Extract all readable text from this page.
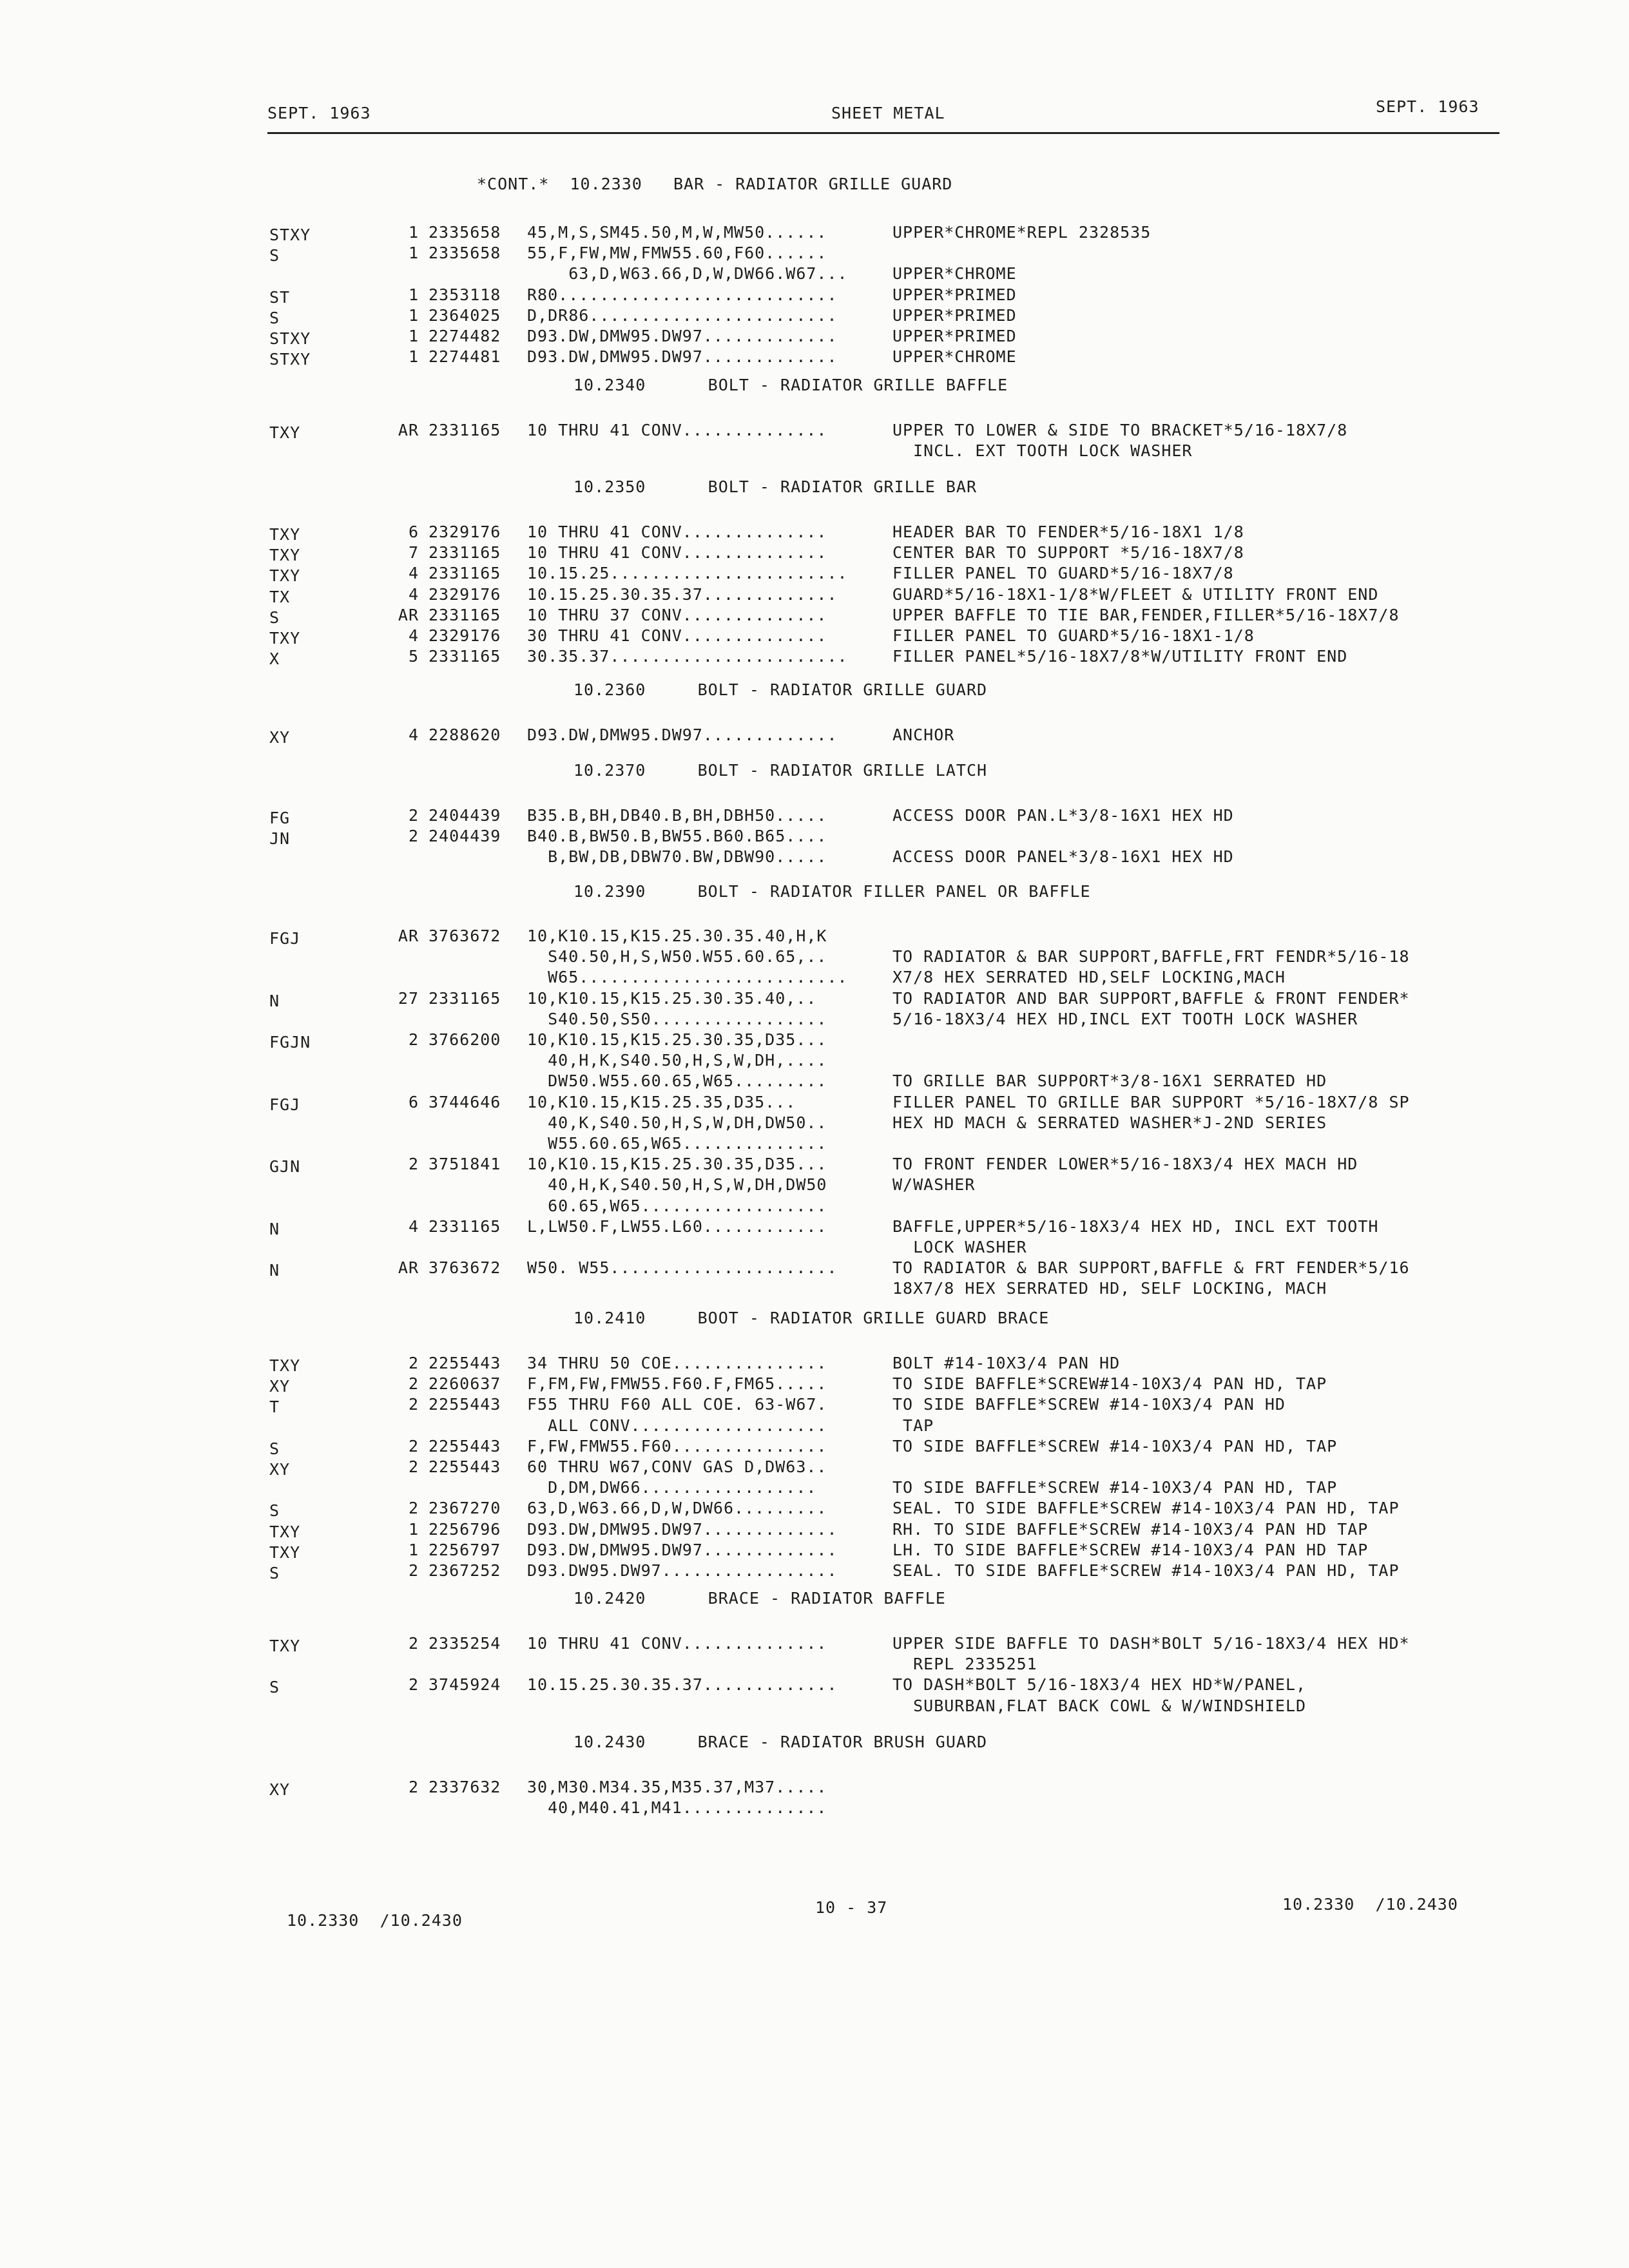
SEPT. 1963	SHEET METAL	SEPT. 1963
*CONT.*  10.2330   BAR - RADIATOR GRILLE GUARD
STXY	1 2335658 45,M,S,SM45.50,M,W,MW50......	UPPER*CHROME*REPL 2328535
S	1 2335658 55,F,FW,MW,FMW55.60,F60......
63,D,W63.66,D,W,DW66.W67...	UPPER*CHROME
ST	1 2353118 R80...........................	UPPER*PRIMED
S	1 2364025 D,DR86........................	UPPER*PRIMED
STXY	1 2274482 D93.DW,DMW95.DW97.............	UPPER*PRIMED
STXY	1 2274481 D93.DW,DMW95.DW97.............	UPPER*CHROME
10.2340      BOLT - RADIATOR GRILLE BAFFLE
TXY	AR 2331165 10 THRU 41 CONV..............	UPPER TO LOWER & SIDE TO BRACKET*5/16-18X7/8
INCL. EXT TOOTH LOCK WASHER
10.2350      BOLT - RADIATOR GRILLE BAR
TXY	6 2329176 10 THRU 41 CONV..............	HEADER BAR TO FENDER*5/16-18X1 1/8
TXY	7 2331165 10 THRU 41 CONV..............	CENTER BAR TO SUPPORT *5/16-18X7/8
TXY	4 2331165 10.15.25.......................	FILLER PANEL TO GUARD*5/16-18X7/8
TX	4 2329176 10.15.25.30.35.37.............	GUARD*5/16-18X1-1/8*W/FLEET & UTILITY FRONT END
S	AR 2331165 10 THRU 37 CONV..............	UPPER BAFFLE TO TIE BAR,FENDER,FILLER*5/16-18X7/8
TXY	4 2329176 30 THRU 41 CONV..............	FILLER PANEL TO GUARD*5/16-18X1-1/8
X	5 2331165 30.35.37.......................	FILLER PANEL*5/16-18X7/8*W/UTILITY FRONT END
10.2360     BOLT - RADIATOR GRILLE GUARD
XY	4 2288620 D93.DW,DMW95.DW97.............	ANCHOR
10.2370     BOLT - RADIATOR GRILLE LATCH
FG	2 2404439 B35.B,BH,DB40.B,BH,DBH50.....	ACCESS DOOR PAN.L*3/8-16X1 HEX HD
JN	2 2404439 B40.B,BW50.B,BW55.B60.B65....
B,BW,DB,DBW70.BW,DBW90.....	ACCESS DOOR PANEL*3/8-16X1 HEX HD
10.2390     BOLT - RADIATOR FILLER PANEL OR BAFFLE
FGJ	AR 3763672 10,K10.15,K15.25.30.35.40,H,K
S40.50,H,S,W50.W55.60.65,..	TO RADIATOR & BAR SUPPORT,BAFFLE,FRT FENDR*5/16-18
W65..........................	X7/8 HEX SERRATED HD,SELF LOCKING,MACH
N	27 2331165 10,K10.15,K15.25.30.35.40,..	TO RADIATOR AND BAR SUPPORT,BAFFLE & FRONT FENDER*
S40.50,S50.................	5/16-18X3/4 HEX HD,INCL EXT TOOTH LOCK WASHER
FGJN	2 3766200 10,K10.15,K15.25.30.35,D35...
40,H,K,S40.50,H,S,W,DH,....
DW50.W55.60.65,W65.........	TO GRILLE BAR SUPPORT*3/8-16X1 SERRATED HD
FGJ	6 3744646 10,K10.15,K15.25.35,D35...	FILLER PANEL TO GRILLE BAR SUPPORT *5/16-18X7/8 SP
40,K,S40.50,H,S,W,DH,DW50..	HEX HD MACH & SERRATED WASHER*J-2ND SERIES
W55.60.65,W65..............
GJN	2 3751841 10,K10.15,K15.25.30.35,D35...	TO FRONT FENDER LOWER*5/16-18X3/4 HEX MACH HD
40,H,K,S40.50,H,S,W,DH,DW50	W/WASHER
60.65,W65..................
N	4 2331165 L,LW50.F,LW55.L60............	BAFFLE,UPPER*5/16-18X3/4 HEX HD, INCL EXT TOOTH
LOCK WASHER
N	AR 3763672 W50. W55......................	TO RADIATOR & BAR SUPPORT,BAFFLE & FRT FENDER*5/16
18X7/8 HEX SERRATED HD, SELF LOCKING, MACH
10.2410     BOOT - RADIATOR GRILLE GUARD BRACE
TXY	2 2255443 34 THRU 50 COE...............	BOLT #14-10X3/4 PAN HD
XY	2 2260637 F,FM,FW,FMW55.F60.F,FM65.....	TO SIDE BAFFLE*SCREW#14-10X3/4 PAN HD, TAP
T	2 2255443 F55 THRU F60 ALL COE. 63-W67.	TO SIDE BAFFLE*SCREW #14-10X3/4 PAN HD
ALL CONV...................	TAP
S	2 2255443 F,FW,FMW55.F60...............	TO SIDE BAFFLE*SCREW #14-10X3/4 PAN HD, TAP
XY	2 2255443 60 THRU W67,CONV GAS D,DW63..
D,DM,DW66.................	TO SIDE BAFFLE*SCREW #14-10X3/4 PAN HD, TAP
S	2 2367270 63,D,W63.66,D,W,DW66.........	SEAL. TO SIDE BAFFLE*SCREW #14-10X3/4 PAN HD, TAP
TXY	1 2256796 D93.DW,DMW95.DW97.............	RH. TO SIDE BAFFLE*SCREW #14-10X3/4 PAN HD TAP
TXY	1 2256797 D93.DW,DMW95.DW97.............	LH. TO SIDE BAFFLE*SCREW #14-10X3/4 PAN HD TAP
S	2 2367252 D93.DW95.DW97.................	SEAL. TO SIDE BAFFLE*SCREW #14-10X3/4 PAN HD, TAP
10.2420      BRACE - RADIATOR BAFFLE
TXY	2 2335254 10 THRU 41 CONV..............	UPPER SIDE BAFFLE TO DASH*BOLT 5/16-18X3/4 HEX HD*
REPL 2335251
S	2 3745924 10.15.25.30.35.37.............	TO DASH*BOLT 5/16-18X3/4 HEX HD*W/PANEL,
SUBURBAN,FLAT BACK COWL & W/WINDSHIELD
10.2430     BRACE - RADIATOR BRUSH GUARD
XY	2 2337632 30,M30.M34.35,M35.37,M37.....
40,M40.41,M41..............
10.2330  /10.2430
10 - 37	10.2330  /10.2430
